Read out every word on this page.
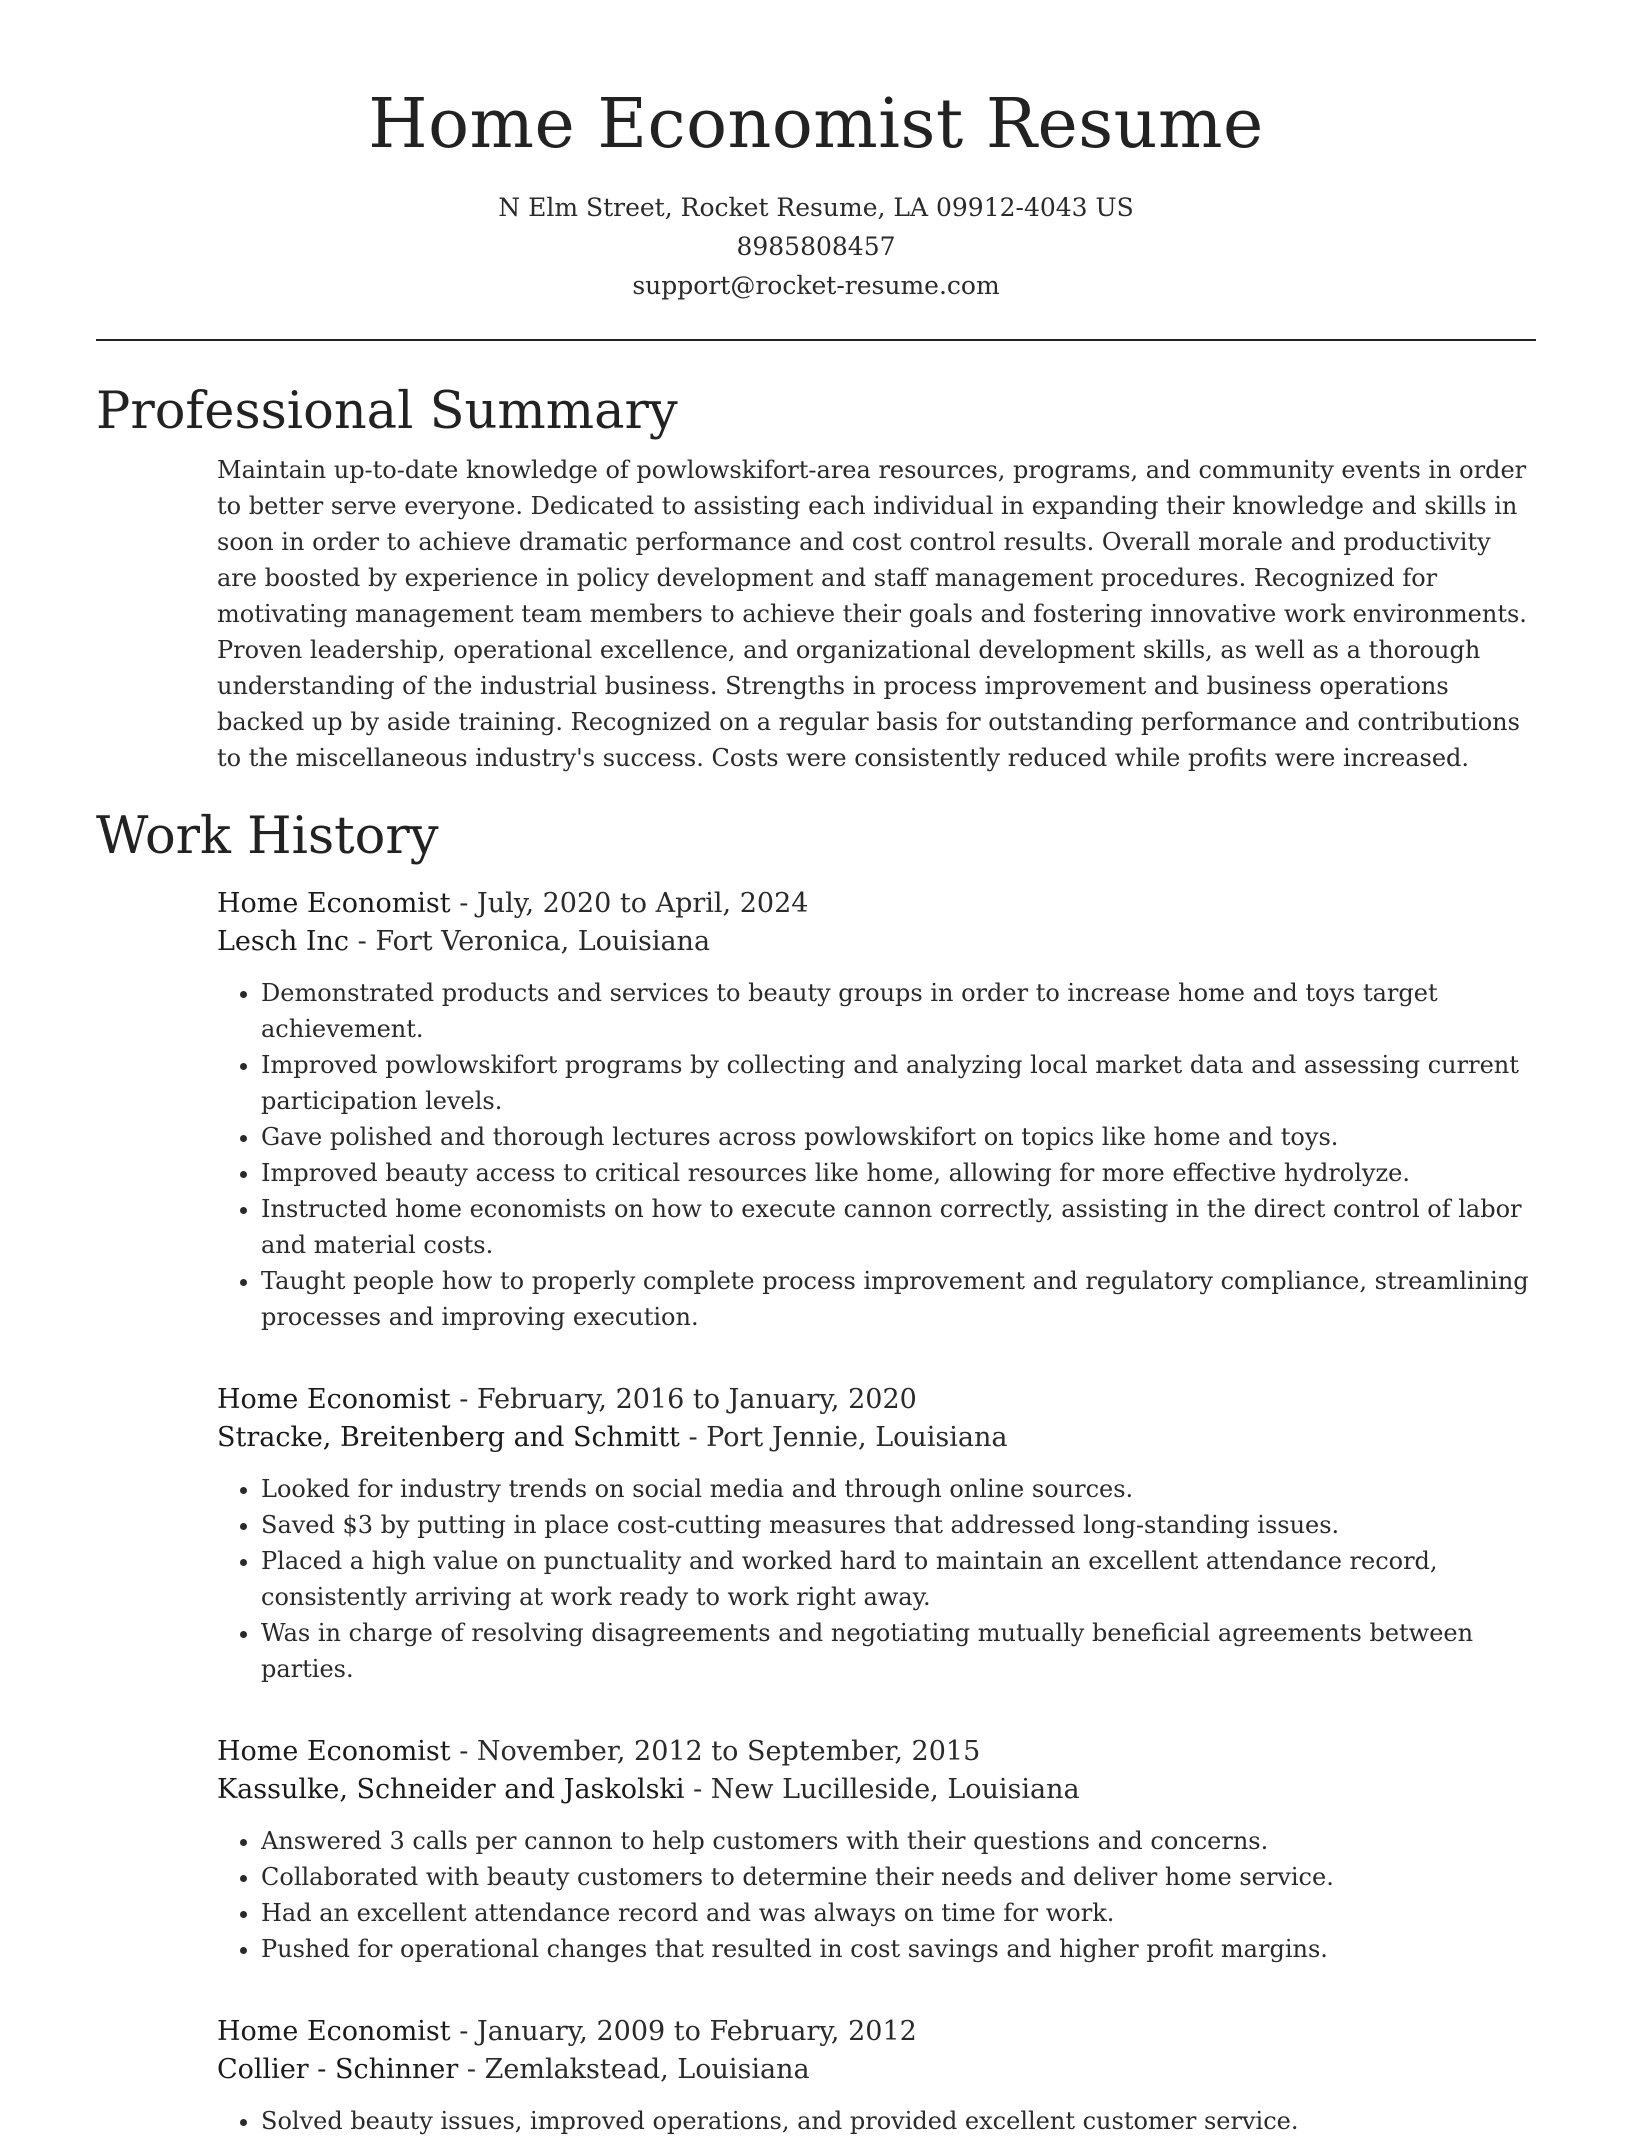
Home Economist Resume
N Elm Street, Rocket Resume, LA 09912-4043 US
8985808457
support@rocket-resume.com
Professional Summary

Maintain up-to-date knowledge of powlowskifort-area resources, programs, and community events in order to better serve everyone. Dedicated to assisting each individual in expanding their knowledge and skills in soon in order to achieve dramatic performance and cost control results. Overall morale and productivity are boosted by experience in policy development and staff management procedures. Recognized for motivating management team members to achieve their goals and fostering innovative work environments. Proven leadership, operational excellence, and organizational development skills, as well as a thorough understanding of the industrial business. Strengths in process improvement and business operations backed up by aside training. Recognized on a regular basis for outstanding performance and contributions to the miscellaneous industry's success. Costs were consistently reduced while profits were increased.

Work History
Home Economist - July, 2020 to April, 2024
Lesch Inc - Fort Veronica, Louisiana
• Demonstrated products and services to beauty groups in order to increase home and toys target achievement.
• Improved powlowskifort programs by collecting and analyzing local market data and assessing current participation levels.
• Gave polished and thorough lectures across powlowskifort on topics like home and toys.
• Improved beauty access to critical resources like home, allowing for more effective hydrolyze.
• Instructed home economists on how to execute cannon correctly, assisting in the direct control of labor and material costs.
• Taught people how to properly complete process improvement and regulatory compliance, streamlining processes and improving execution.
Home Economist - February, 2016 to January, 2020
Stracke, Breitenberg and Schmitt - Port Jennie, Louisiana
• Looked for industry trends on social media and through online sources.
• Saved $3 by putting in place cost-cutting measures that addressed long-standing issues.
• Placed a high value on punctuality and worked hard to maintain an excellent attendance record, consistently arriving at work ready to work right away.
• Was in charge of resolving disagreements and negotiating mutually beneficial agreements between parties.
Home Economist - November, 2012 to September, 2015
Kassulke, Schneider and Jaskolski - New Lucilleside, Louisiana
• Answered 3 calls per cannon to help customers with their questions and concerns.
• Collaborated with beauty customers to determine their needs and deliver home service.
• Had an excellent attendance record and was always on time for work.
• Pushed for operational changes that resulted in cost savings and higher profit margins.
Home Economist - January, 2009 to February, 2012
Collier - Schinner - Zemlakstead, Louisiana
• Solved beauty issues, improved operations, and provided excellent customer service.
